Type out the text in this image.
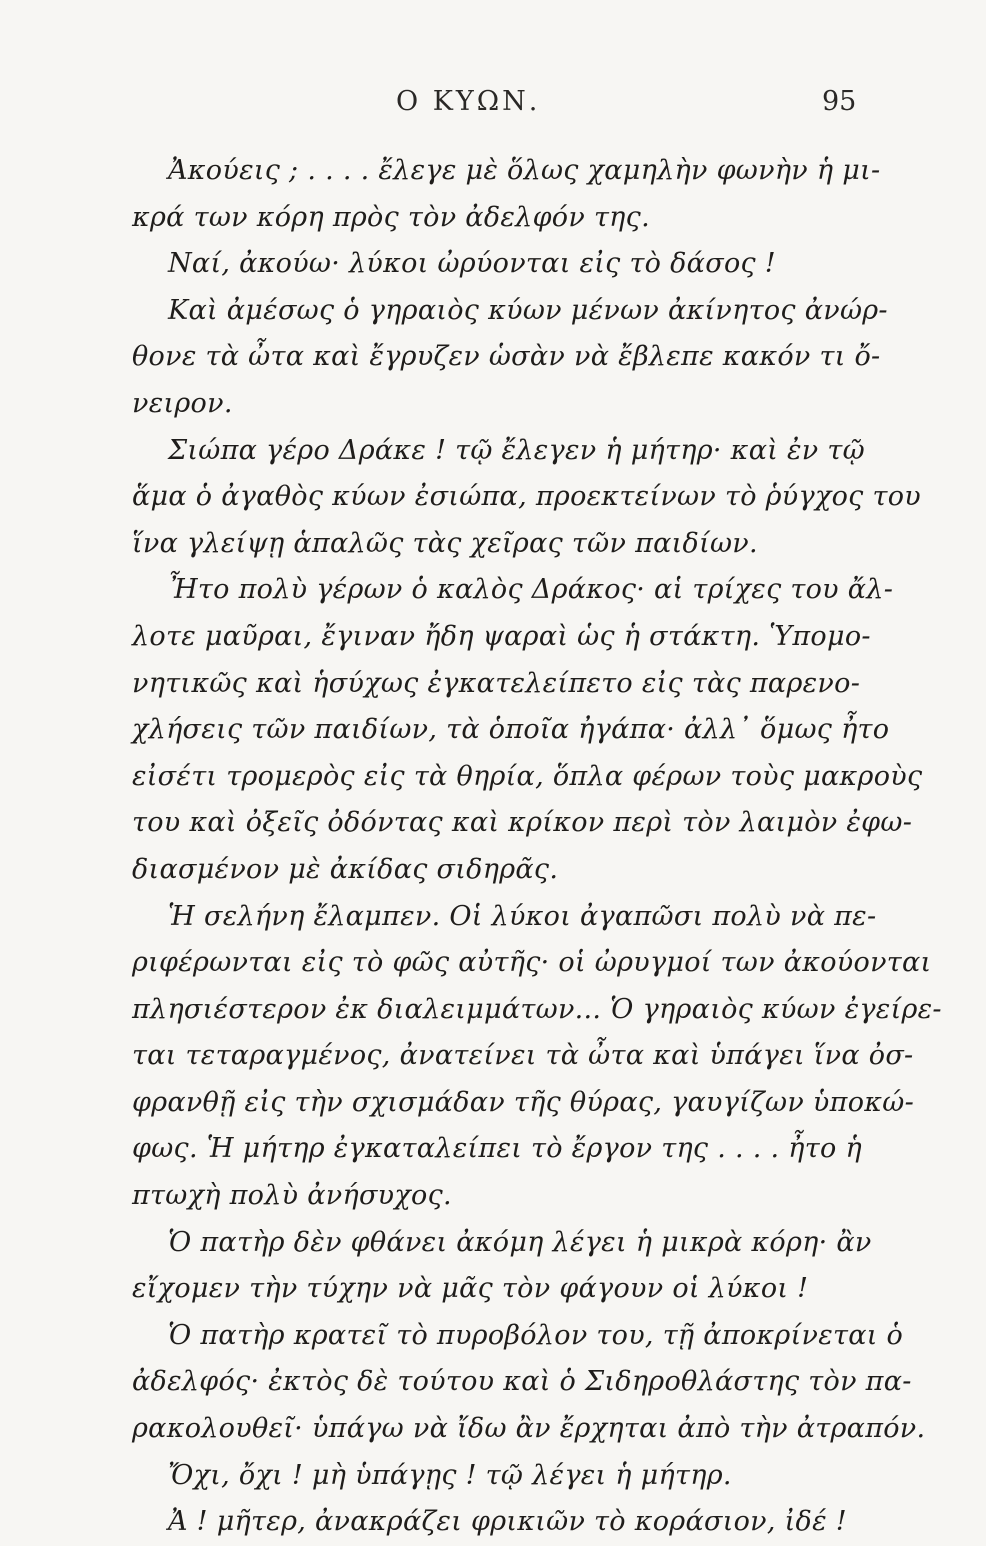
Ο ΚΥΩΝ.	95
Ἀκούεις ; . . . . ἔλεγε μὲ ὅλως χαμηλὴν φωνὴν ἡ μι-
κρά των κόρη πρὸς τὸν ἀδελφόν της.
Ναί, ἀκούω· λύκοι ὠρύονται εἰς τὸ δάσος !
Καὶ ἀμέσως ὁ γηραιὸς κύων μένων ἀκίνητος ἀνώρ-
θονε τὰ ὦτα καὶ ἔγρυζεν ὡσὰν νὰ ἔβλεπε κακόν τι ὄ-
νειρον.
Σιώπα γέρο Δράκε ! τῷ ἔλεγεν ἡ μήτηρ· καὶ ἐν τῷ
ἅμα ὁ ἀγαθὸς κύων ἐσιώπα, προεκτείνων τὸ ῥύγχος του
ἵνα γλείψῃ ἁπαλῶς τὰς χεῖρας τῶν παιδίων.
Ἦτο πολὺ γέρων ὁ καλὸς Δράκος· αἱ τρίχες του ἄλ-
λοτε μαῦραι, ἔγιναν ἤδη ψαραὶ ὡς ἡ στάκτη. Ὑπομο-
νητικῶς καὶ ἡσύχως ἐγκατελείπετο εἰς τὰς παρενο-
χλήσεις τῶν παιδίων, τὰ ὁποῖα ἠγάπα· ἀλλ᾽ ὅμως ἦτο
εἰσέτι τρομερὸς εἰς τὰ θηρία, ὅπλα φέρων τοὺς μακροὺς
του καὶ ὀξεῖς ὀδόντας καὶ κρίκον περὶ τὸν λαιμὸν ἐφω-
διασμένον μὲ ἀκίδας σιδηρᾶς.
Ἡ σελήνη ἔλαμπεν. Οἱ λύκοι ἀγαπῶσι πολὺ νὰ πε-
ριφέρωνται εἰς τὸ φῶς αὐτῆς· οἱ ὠρυγμοί των ἀκούονται
πλησιέστερον ἐκ διαλειμμάτων... Ὁ γηραιὸς κύων ἐγείρε-
ται τεταραγμένος, ἀνατείνει τὰ ὦτα καὶ ὑπάγει ἵνα ὀσ-
φρανθῇ εἰς τὴν σχισμάδαν τῆς θύρας, γαυγίζων ὑποκώ-
φως. Ἡ μήτηρ ἐγκαταλείπει τὸ ἔργον της . . . . ἦτο ἡ
πτωχὴ πολὺ ἀνήσυχος.
Ὁ πατὴρ δὲν φθάνει ἀκόμη λέγει ἡ μικρὰ κόρη· ἂν
εἴχομεν τὴν τύχην νὰ μᾶς τὸν φάγουν οἱ λύκοι !
Ὁ πατὴρ κρατεῖ τὸ πυροβόλον του, τῇ ἀποκρίνεται ὁ
ἀδελφός· ἐκτὸς δὲ τούτου καὶ ὁ Σιδηροθλάστης τὸν πα-
ρακολουθεῖ· ὑπάγω νὰ ἴδω ἂν ἔρχηται ἀπὸ τὴν ἀτραπόν.
Ὄχι, ὄχι ! μὴ ὑπάγῃς ! τῷ λέγει ἡ μήτηρ.
Ἀ ! μῆτερ, ἀνακράζει φρικιῶν τὸ κοράσιον, ἰδέ !
